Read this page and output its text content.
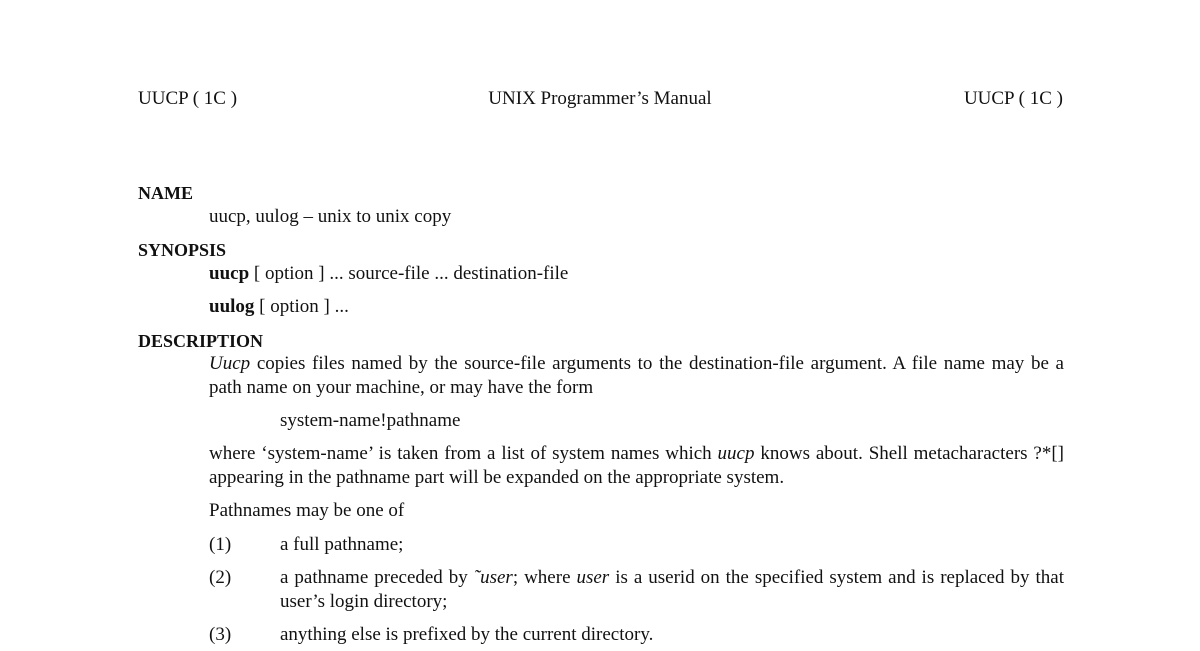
UUCP ( 1C )	UNIX Programmer’s Manual	UUCP ( 1C )
NAME
uucp, uulog – unix to unix copy
SYNOPSIS
uucp [ option ] ... source-file ... destination-file
uulog [ option ] ...
DESCRIPTION
Uucp copies files named by the source-file arguments to the destination-file argument. A file name may be a path name on your machine, or may have the form
system-name!pathname
where ‘system-name’ is taken from a list of system names which uucp knows about. Shell metacharacters ?*[] appearing in the pathname part will be expanded on the appropriate system.
Pathnames may be one of
(1)	a full pathname;
(2)	a pathname preceded by ˜user; where user is a userid on the specified system and is replaced by that user’s login directory;
(3)	anything else is prefixed by the current directory.
